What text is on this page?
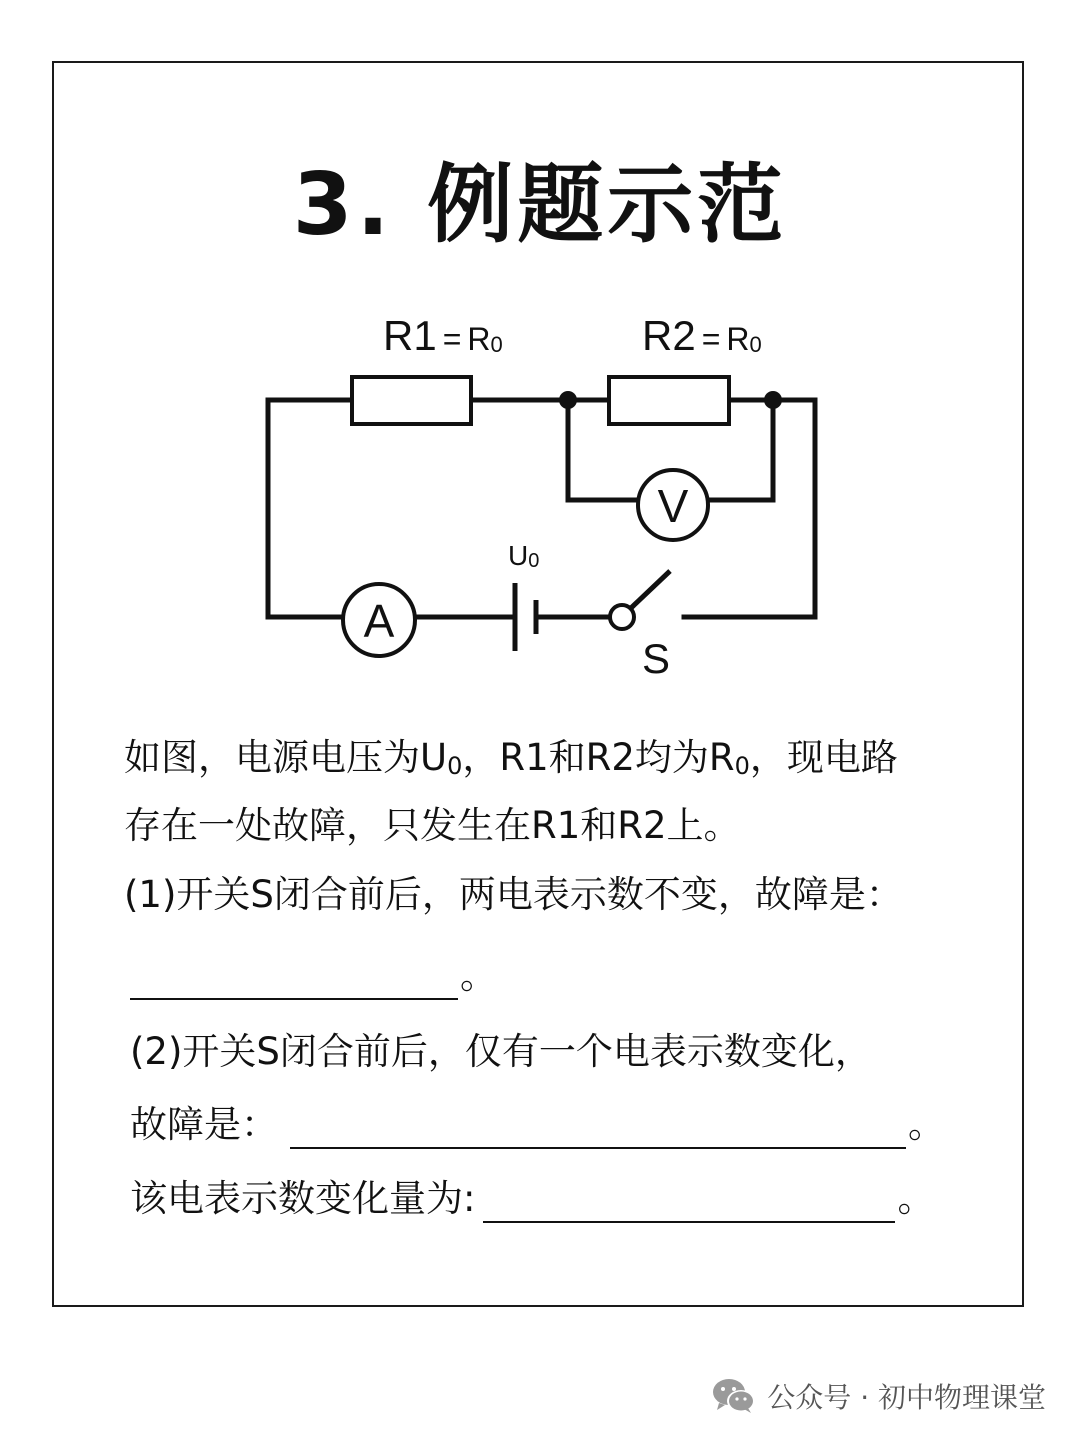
3. 例题示范
V
A
R1 = R0	R2 = R0
U0
S
如图，电源电压为U0，R1和R2均为R0，现电路
存在一处故障，只发生在R1和R2上。
(1)开关S闭合前后，两电表示数不变，故障是：
。
(2)开关S闭合前后，仅有一个电表示数变化，
故障是：	。
该电表示数变化量为:	。
公众号 · 初中物理课堂
